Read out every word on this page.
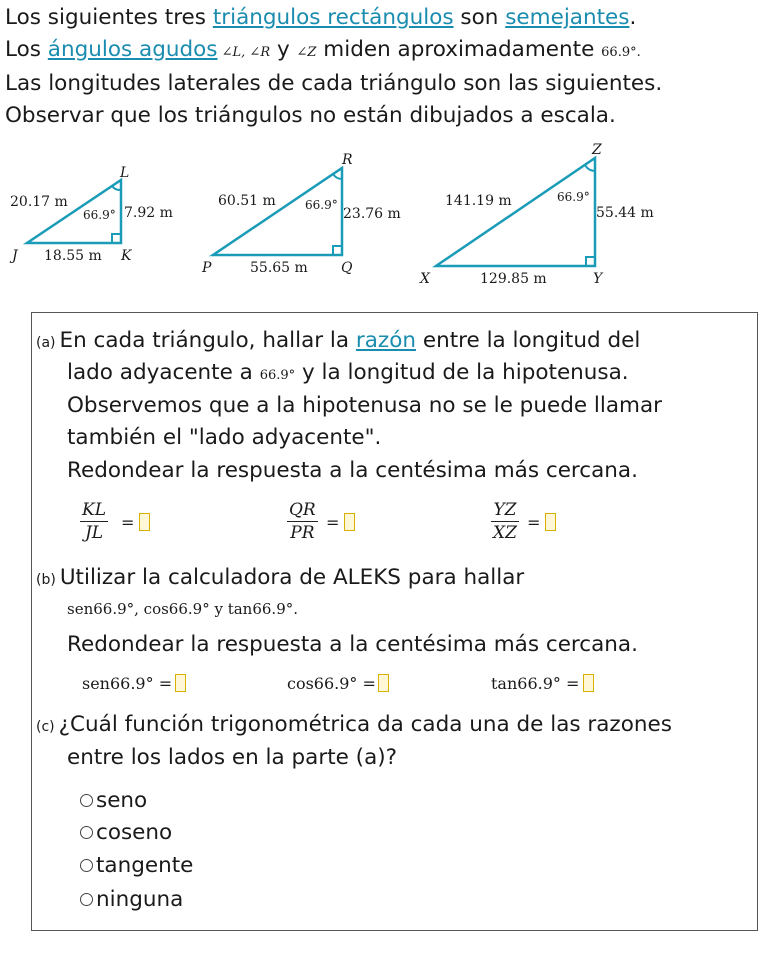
Los siguientes tres triángulos rectángulos son semejantes.

Los ángulos agudos ∠L, ∠R y ∠Z miden aproximadamente 66.9°.

Las longitudes laterales de cada triángulo son las siguientes.

Observar que los triángulos no están dibujados a escala.

L
J	K
20.17 m
7.92 m
18.55 m
66.9°
R
P	Q
60.51 m
23.76 m
55.65 m
66.9°
Z
X	Y
141.19 m
55.44 m
129.85 m
66.9°
(a) En cada triángulo, hallar la razón entre la longitud del
lado adyacente a 66.9° y la longitud de la hipotenusa.
Observemos que a la hipotenusa no se le puede llamar
también el "lado adyacente".
Redondear la respuesta a la centésima más cercana.
$\frac{KL}{JL}$ =	$\frac{QR}{PR}$ =	$\frac{YZ}{XZ}$ =
(b) Utilizar la calculadora de ALEKS para hallar
sen66.9°, cos66.9° y tan66.9°.
Redondear la respuesta a la centésima más cercana.
sen66.9° =	cos66.9° =	tan66.9° =
(c) ¿Cuál función trigonométrica da cada una de las razones
entre los lados en la parte (a)?
seno
coseno
tangente
ninguna
